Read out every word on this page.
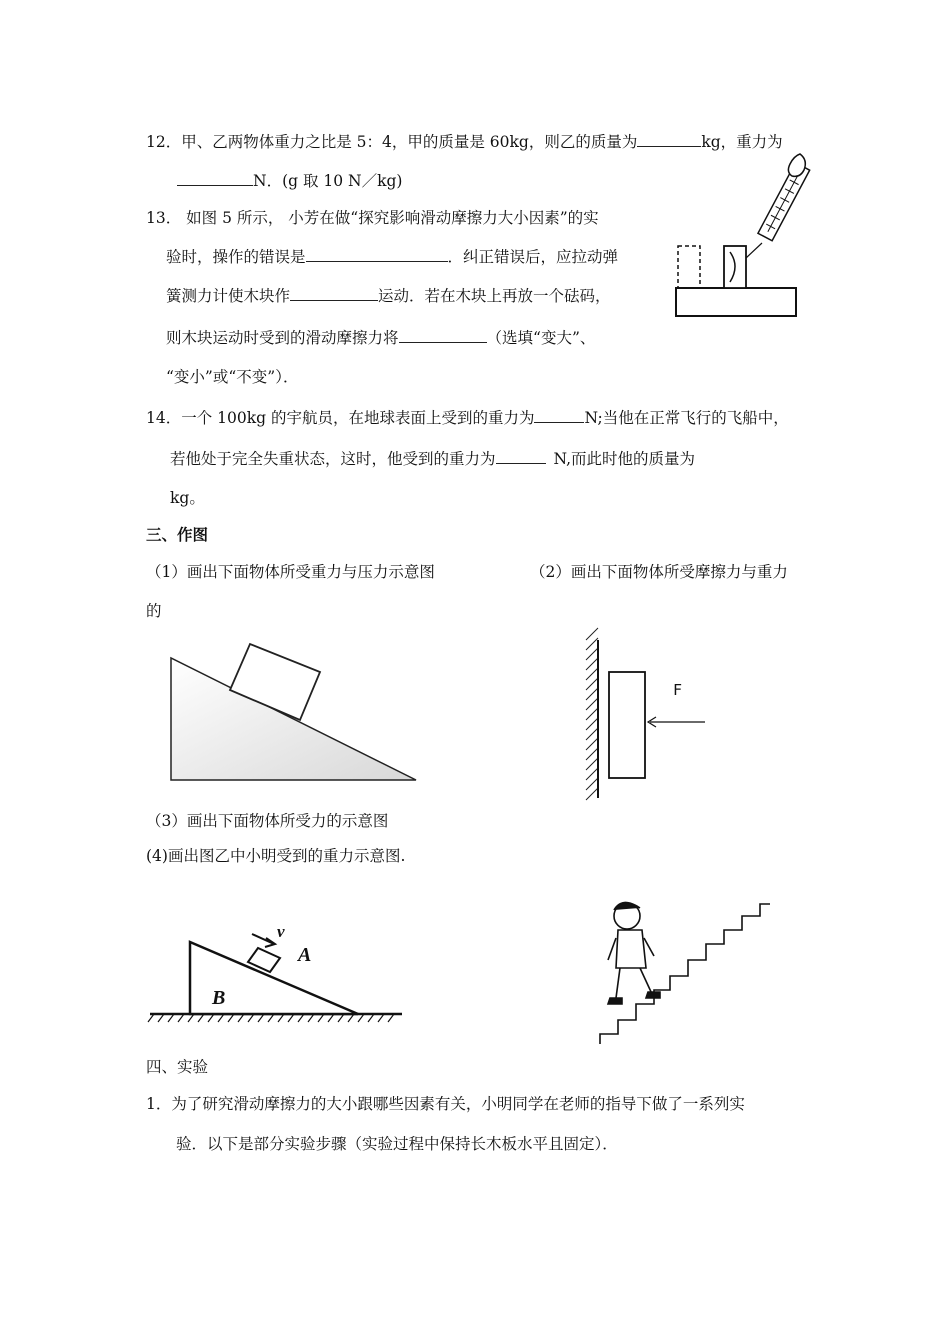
12．甲、乙两物体重力之比是 5：4，甲的质量是 60kg，则乙的质量为	kg，重力为
N．(g 取 10 N／kg)
13． 如图 5 所示， 小芳在做“探究影响滑动摩擦力大小因素”的实
验时，操作的错误是	．纠正错误后，应拉动弹
簧测力计使木块作	运动．若在木块上再放一个砝码，
则木块运动时受到的滑动摩擦力将	（选填“变大”、
“变小”或“不变”）．
14．一个 100kg 的宇航员，在地球表面上受到的重力为	N;当他在正常飞行的飞船中，
若他处于完全失重状态，这时，他受到的重力为	N,而此时他的质量为
kg。
三、作图
（1）画出下面物体所受重力与压力示意图	（2）画出下面物体所受摩擦力与重力
的
F
（3）画出下面物体所受力的示意图
(4)画出图乙中小明受到的重力示意图.
v
A
B
四、实验
1．为了研究滑动摩擦力的大小跟哪些因素有关，小明同学在老师的指导下做了一系列实
验．以下是部分实验步骤（实验过程中保持长木板水平且固定）．
